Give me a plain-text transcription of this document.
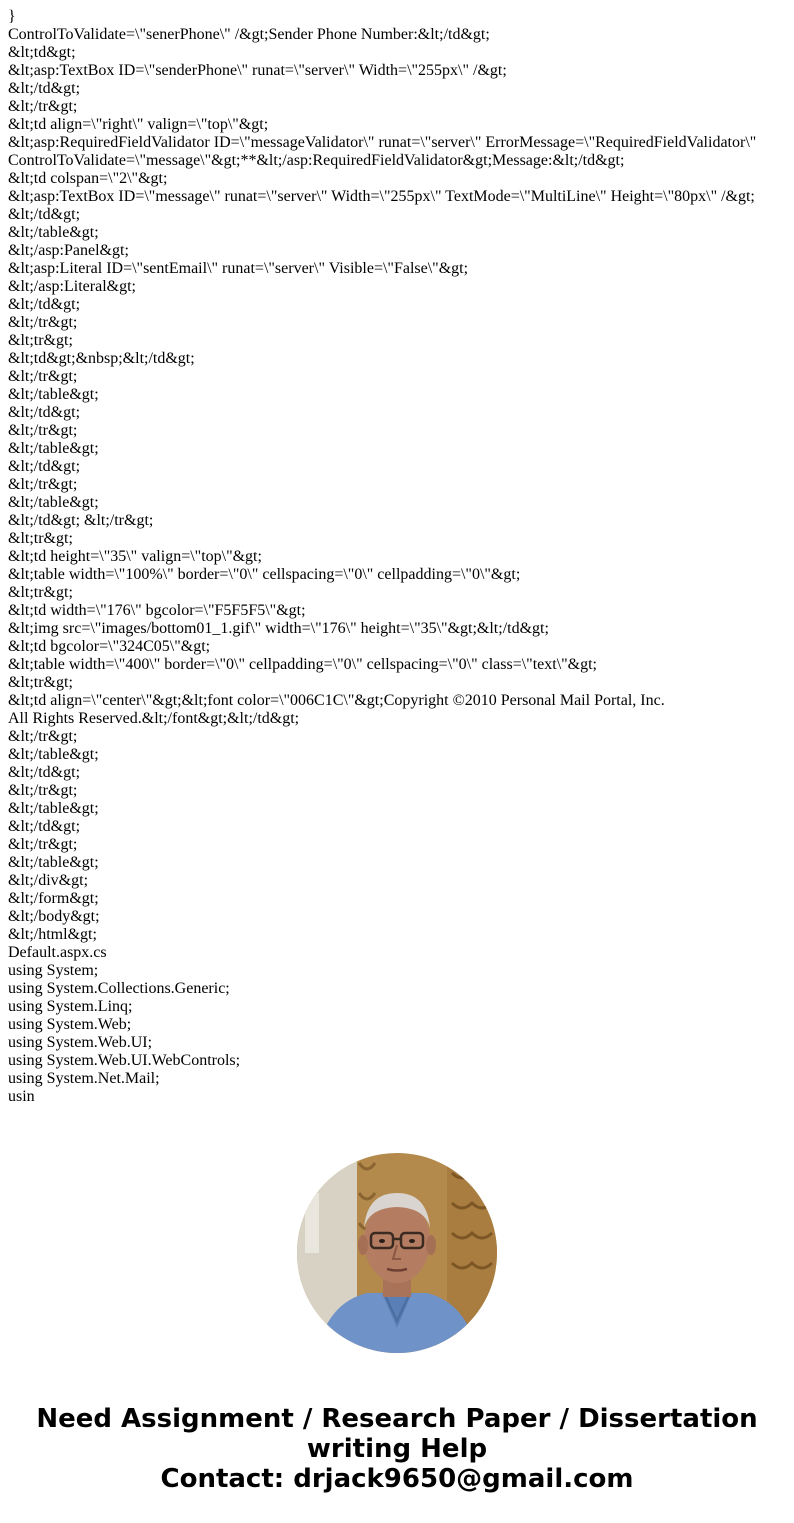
}
ControlToValidate=\"senerPhone\" /&gt;Sender Phone Number:&lt;/td&gt;
&lt;td&gt;
&lt;asp:TextBox ID=\"senderPhone\" runat=\"server\" Width=\"255px\" /&gt;
&lt;/td&gt;
&lt;/tr&gt;
&lt;td align=\"right\" valign=\"top\"&gt;
&lt;asp:RequiredFieldValidator ID=\"messageValidator\" runat=\"server\" ErrorMessage=\"RequiredFieldValidator\"
ControlToValidate=\"message\"&gt;**&lt;/asp:RequiredFieldValidator&gt;Message:&lt;/td&gt;
&lt;td colspan=\"2\"&gt;
&lt;asp:TextBox ID=\"message\" runat=\"server\" Width=\"255px\" TextMode=\"MultiLine\" Height=\"80px\" /&gt;
&lt;/td&gt;
&lt;/table&gt;
&lt;/asp:Panel&gt;
&lt;asp:Literal ID=\"sentEmail\" runat=\"server\" Visible=\"False\"&gt;
&lt;/asp:Literal&gt;
&lt;/td&gt;
&lt;/tr&gt;
&lt;tr&gt;
&lt;td&gt;&nbsp;&lt;/td&gt;
&lt;/tr&gt;
&lt;/table&gt;
&lt;/td&gt;
&lt;/tr&gt;
&lt;/table&gt;
&lt;/td&gt;
&lt;/tr&gt;
&lt;/table&gt;
&lt;/td&gt; &lt;/tr&gt;
&lt;tr&gt;
&lt;td height=\"35\" valign=\"top\"&gt;
&lt;table width=\"100%\" border=\"0\" cellspacing=\"0\" cellpadding=\"0\"&gt;
&lt;tr&gt;
&lt;td width=\"176\" bgcolor=\"F5F5F5\"&gt;
&lt;img src=\"images/bottom01_1.gif\" width=\"176\" height=\"35\"&gt;&lt;/td&gt;
&lt;td bgcolor=\"324C05\"&gt;
&lt;table width=\"400\" border=\"0\" cellpadding=\"0\" cellspacing=\"0\" class=\"text\"&gt;
&lt;tr&gt;
&lt;td align=\"center\"&gt;&lt;font color=\"006C1C\"&gt;Copyright ©2010 Personal Mail Portal, Inc.
All Rights Reserved.&lt;/font&gt;&lt;/td&gt;
&lt;/tr&gt;
&lt;/table&gt;
&lt;/td&gt;
&lt;/tr&gt;
&lt;/table&gt;
&lt;/td&gt;
&lt;/tr&gt;
&lt;/table&gt;
&lt;/div&gt;
&lt;/form&gt;
&lt;/body&gt;
&lt;/html&gt;
Default.aspx.cs
using System;
using System.Collections.Generic;
using System.Linq;
using System.Web;
using System.Web.UI;
using System.Web.UI.WebControls;
using System.Net.Mail;
usin
Need Assignment / Research Paper / Dissertation
writing Help
Contact: drjack9650@gmail.com
